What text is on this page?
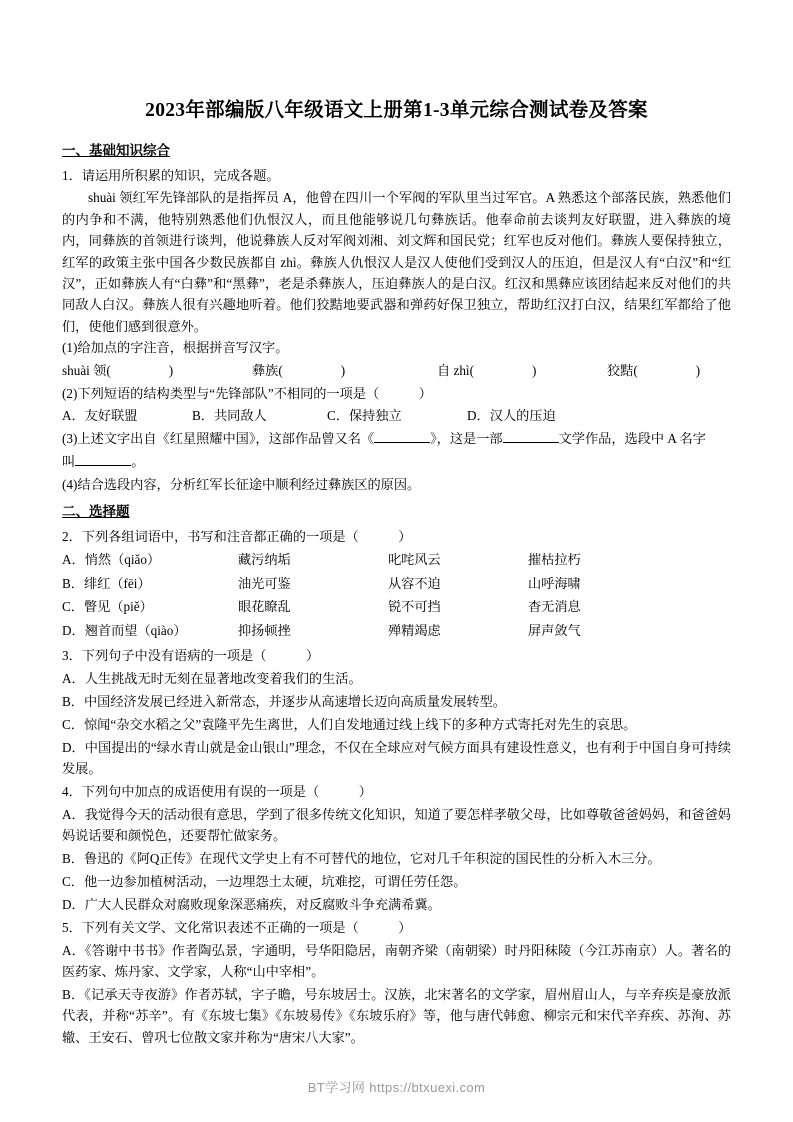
2023年部编版八年级语文上册第1-3单元综合测试卷及答案
一、基础知识综合

1．请运用所积累的知识，完成各题。

shuài 领红军先锋部队的是指挥员 A，他曾在四川一个军阀的军队里当过军官。A 熟悉这个部落民族，熟悉他们的内争和不满，他特别熟悉他们仇恨汉人，而且他能够说几句彝族话。他奉命前去谈判友好联盟，进入彝族的境内，同彝族的首领进行谈判，他说彝族人反对军阀刘湘、刘文辉和国民党；红军也反对他们。彝族人要保持独立，红军的政策主张中国各少数民族都自 zhì。彝族人仇恨汉人是汉人使他们受到汉人的压迫，但是汉人有“白汉”和“红汉”，正如彝族人有“白彝”和“黑彝”，老是杀彝族人，压迫彝族人的是白汉。红汉和黑彝应该团结起来反对他们的共同敌人白汉。彝族人很有兴趣地听着。他们狡黠地要武器和弹药好保卫独立，帮助红汉打白汉，结果红军都给了他们，使他们感到很意外。

(1)给加点的字注音，根据拼音写汉字。

shuài 领(	)	彝族(	)	自 zhì(	)	狡黠(	)

(2)下列短语的结构类型与“先锋部队”不相同的一项是（　　　）

A．友好联盟	B．共同敌人	C．保持独立	D．汉人的压迫

(3)上述文字出自《红星照耀中国》，这部作品曾又名《	》，这是一部	文学作品，选段中 A 名字

叫	。

(4)结合选段内容，分析红军长征途中顺利经过彝族区的原因。

二、选择题

2．下列各组词语中，书写和注音都正确的一项是（　　　）

A．悄然（qiǎo）	藏污纳垢	叱咤风云	摧枯拉朽
B．绯红（fēi）	油光可鉴	从容不迫	山呼海啸
C．瞥见（piě）	眼花瞭乱	锐不可挡	杳无消息
D．翘首而望（qiào）	抑扬顿挫	殚精竭虑	屏声敛气

3．下列句子中没有语病的一项是（　　　）

A．人生挑战无时无刻在显著地改变着我们的生活。

B．中国经济发展已经进入新常态，并逐步从高速增长迈向高质量发展转型。

C．惊闻“杂交水稻之父”袁隆平先生离世，人们自发地通过线上线下的多种方式寄托对先生的哀思。

D．中国提出的“绿水青山就是金山银山”理念，不仅在全球应对气候方面具有建设性意义，也有利于中国自身可持续发展。

4．下列句中加点的成语使用有误的一项是（　　　）

A．我觉得今天的活动很有意思，学到了很多传统文化知识，知道了要怎样孝敬父母，比如尊敬爸爸妈妈，和爸爸妈妈说话要和颜悦色，还要帮忙做家务。

B．鲁迅的《阿Q正传》在现代文学史上有不可替代的地位，它对几千年积淀的国民性的分析入木三分。

C．他一边参加植树活动，一边埋怨土太硬，坑难挖，可谓任劳任怨。

D．广大人民群众对腐败现象深恶痛疾，对反腐败斗争充满希冀。

5．下列有关文学、文化常识表述不正确的一项是（　　　）

A．《答谢中书书》作者陶弘景，字通明，号华阳隐居，南朝齐梁（南朝梁）时丹阳秣陵（今江苏南京）人。著名的医药家、炼丹家、文学家，人称“山中宰相”。

B．《记承天寺夜游》作者苏轼，字子瞻，号东坡居士。汉族，北宋著名的文学家，眉州眉山人，与辛弃疾是豪放派代表，并称“苏辛”。有《东坡七集》《东坡易传》《东坡乐府》等，他与唐代韩愈、柳宗元和宋代辛弃疾、苏洵、苏辙、王安石、曾巩七位散文家并称为“唐宋八大家”。

BT学习网 https://btxuexi.com
